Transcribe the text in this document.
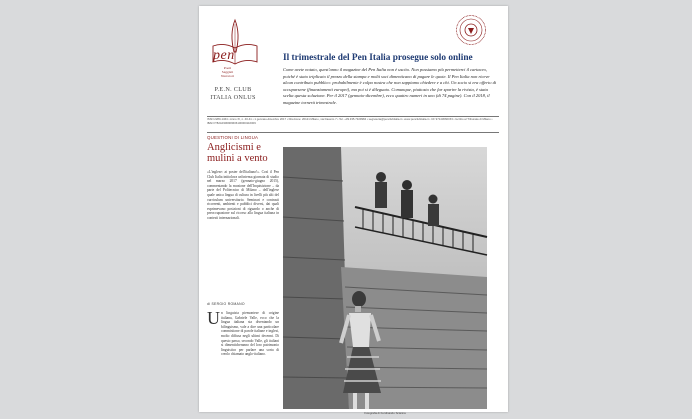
pen
Poeti
Saggisti
Narratori
P.E.N. CLUB
ITALIA ONLUS
Il trimestrale del Pen Italia prosegue solo online
Come avete notato, quest'anno il magazine del Pen Italia non è uscito. Non possiamo più permetterci il cartaceo, poiché è stato triplicato il prezzo della stampa e molti soci dimenticano di pagare le quote. Il Pen Italia non riceve alcun contributo pubblico: probabilmente è colpa nostra che non sappiamo chiedere e a chi. Un socio si era offerto di occuparsene (finanziamenti europei), ma poi si è dileguato. Comunque, piuttosto che far sparire la rivista, è stata scelta questa soluzione. Per il 2017 (gennaio-dicembre), ecco quattro numeri in uno (di 74 pagine). Con il 2018, il magazine tornerà trimestrale.
ISSN 2280-1464 • Anno XI, n. 40-41 • 1 gennaio-dicembre 2017 • Direzione: 20121 Milano, via Daverio 7 • Tel. +39.335.7329984 • segreteria@penclubitalia.it • www.penclubitalia.it • CF 97143660153 • Iscritto al Tribunale di Milano • IBAN IT82A0306909606100000116009
QUESTIONI DI LINGUA
Anglicismi e mulini a vento
«L'inglese: ai poster dell'italiano!». Così il Pen Club Italia intitolava un'intensa giornata di studio nel marzo 2017 (gennaio-giugno 2015), commentando la mozione dell'Inquisizione – da parte del Politecnico di Milano – dell'inglese quale unica lingua di cultura in livelli più alti del curriculum universitario. Seminari e contrasti ricorrenti, ambienti e pubblici diversi, dai quali esprimevano posizioni di riguardo o anche di preoccupazione sul ricorso alla lingua italiana in contesti internazionali.
di SERGIO ROMANO
U n linguista piemontese di origine italiana, Gabriele Valle, ecco che la lingua italiana sta diventando un bilinguismo, vale a dire una particolare commistione di parole italiane e inglesi, molto diffusa negli ultimi decenni. Di questo passo, secondo Valle, gli italiani si dimenticheranno del loro patrimonio linguistico per parlare una sorta di creolo chiamato anglo-italiano.
Fotografia di Ferdinando Scianna
